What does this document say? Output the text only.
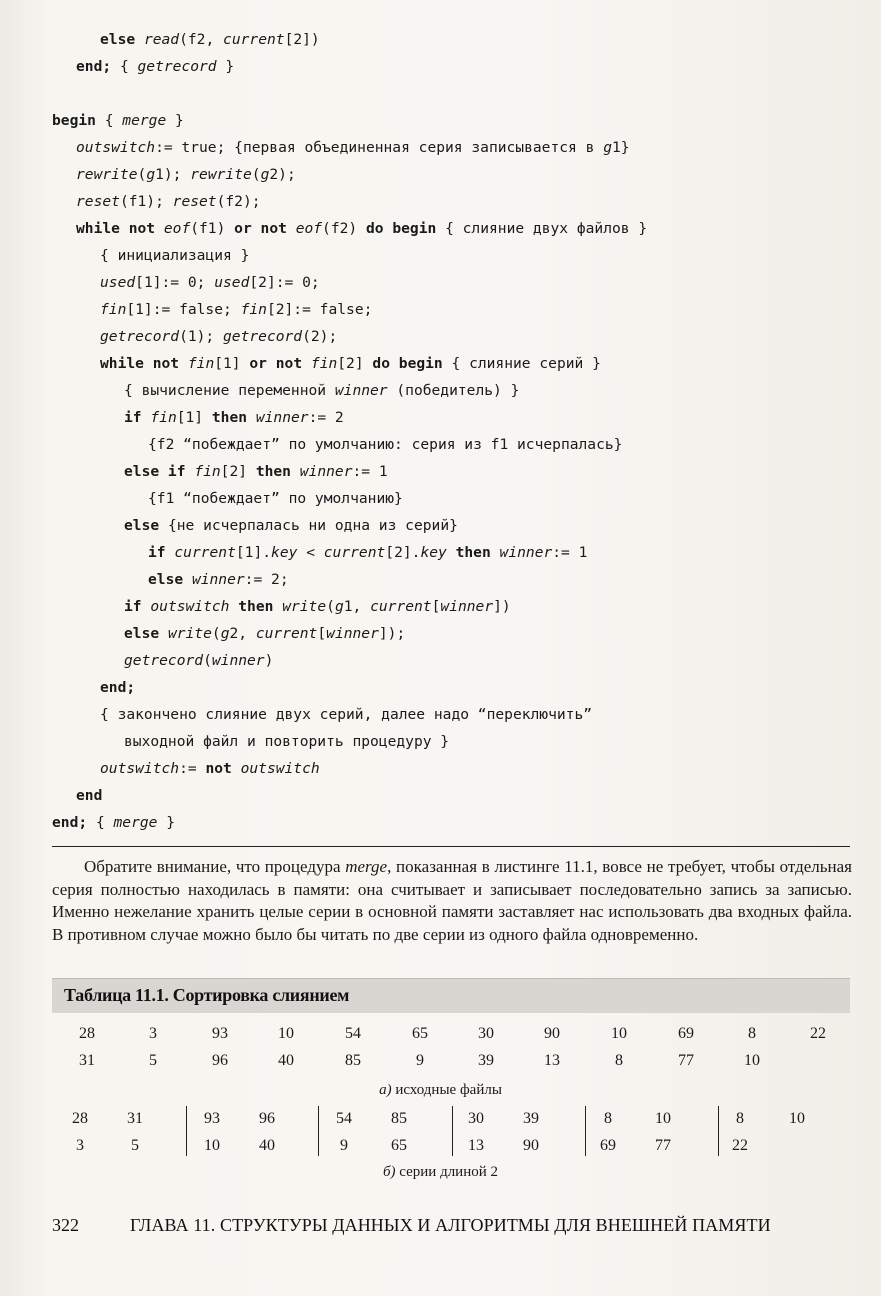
else read(f2, current[2])
end; { getrecord }
begin { merge }
outswitch:= true; {первая объединенная серия записывается в g1}
rewrite(g1); rewrite(g2);
reset(f1); reset(f2);
while not eof(f1) or not eof(f2) do begin { слияние двух файлов }
{ инициализация }
used[1]:= 0; used[2]:= 0;
fin[1]:= false; fin[2]:= false;
getrecord(1); getrecord(2);
while not fin[1] or not fin[2] do begin { слияние серий }
{ вычисление переменной winner (победитель) }
if fin[1] then winner:= 2
{f2 “побеждает” по умолчанию: серия из f1 исчерпалась}
else if fin[2] then winner:= 1
{f1 “побеждает” по умолчанию}
else {не исчерпалась ни одна из серий}
if current[1].key < current[2].key then winner:= 1
else winner:= 2;
if outswitch then write(g1, current[winner])
else write(g2, current[winner]);
getrecord(winner)
end;
{ закончено слияние двух серий, далее надо “переключить”
выходной файл и повторить процедуру }
outswitch:= not outswitch
end
end; { merge }

Обратите внимание, что процедура merge, показанная в листинге 11.1, вовсе не требует, чтобы отдельная серия полностью находилась в памяти: она считывает и записывает последовательно запись за записью. Именно нежелание хранить целые серии в основной памяти заставляет нас использовать два входных файла. В противном случае можно было бы читать по две серии из одного файла одновременно.

Таблица 11.1. Сортировка слиянием
28	3	93	10	54	65	30	90	10	69	8	22
31	5	96	40	85	9	39	13	8	77	10
а) исходные файлы
28	31	93	96	54	85	30	39	8	10	8	10
3	5	10	40	9	65	13	90	69	77	22
б) серии длиной 2
322	ГЛАВА 11. СТРУКТУРЫ ДАННЫХ И АЛГОРИТМЫ ДЛЯ ВНЕШНЕЙ ПАМЯТИ
